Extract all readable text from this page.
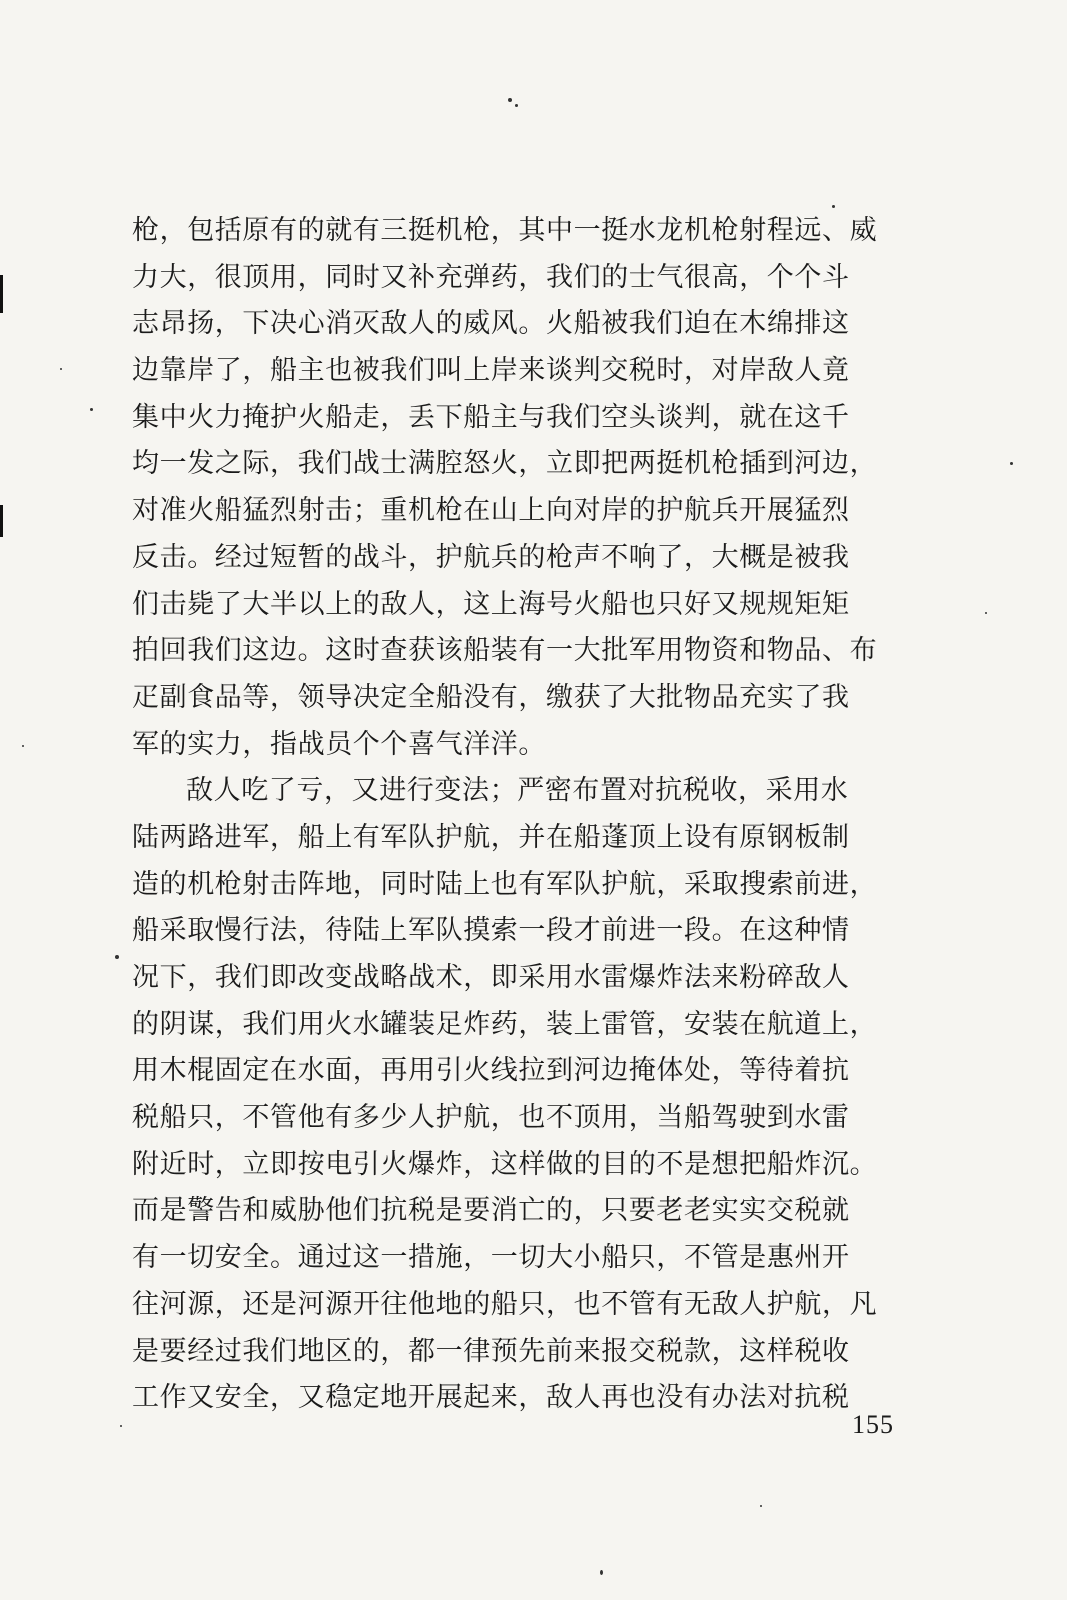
枪，包括原有的就有三挺机枪，其中一挺水龙机枪射程远、威
力大，很顶用，同时又补充弹药，我们的士气很高，个个斗
志昂扬，下决心消灭敌人的威风。火船被我们迫在木绵排这
边靠岸了，船主也被我们叫上岸来谈判交税时，对岸敌人竟
集中火力掩护火船走，丢下船主与我们空头谈判，就在这千
均一发之际，我们战士满腔怒火，立即把两挺机枪插到河边，
对准火船猛烈射击；重机枪在山上向对岸的护航兵开展猛烈
反击。经过短暂的战斗，护航兵的枪声不响了，大概是被我
们击毙了大半以上的敌人，这上海号火船也只好又规规矩矩
拍回我们这边。这时查获该船装有一大批军用物资和物品、布
疋副食品等，领导决定全船没有，缴获了大批物品充实了我
军的实力，指战员个个喜气洋洋。
敌人吃了亏，又进行变法；严密布置对抗税收，采用水
陆两路进军，船上有军队护航，并在船蓬顶上设有原钢板制
造的机枪射击阵地，同时陆上也有军队护航，采取搜索前进，
船采取慢行法，待陆上军队摸索一段才前进一段。在这种情
况下，我们即改变战略战术，即采用水雷爆炸法来粉碎敌人
的阴谋，我们用火水罐装足炸药，装上雷管，安装在航道上，
用木棍固定在水面，再用引火线拉到河边掩体处，等待着抗
税船只，不管他有多少人护航，也不顶用，当船驾驶到水雷
附近时，立即按电引火爆炸，这样做的目的不是想把船炸沉。
而是警告和威胁他们抗税是要消亡的，只要老老实实交税就
有一切安全。通过这一措施，一切大小船只，不管是惠州开
往河源，还是河源开往他地的船只，也不管有无敌人护航，凡
是要经过我们地区的，都一律预先前来报交税款，这样税收
工作又安全，又稳定地开展起来，敌人再也没有办法对抗税
155
